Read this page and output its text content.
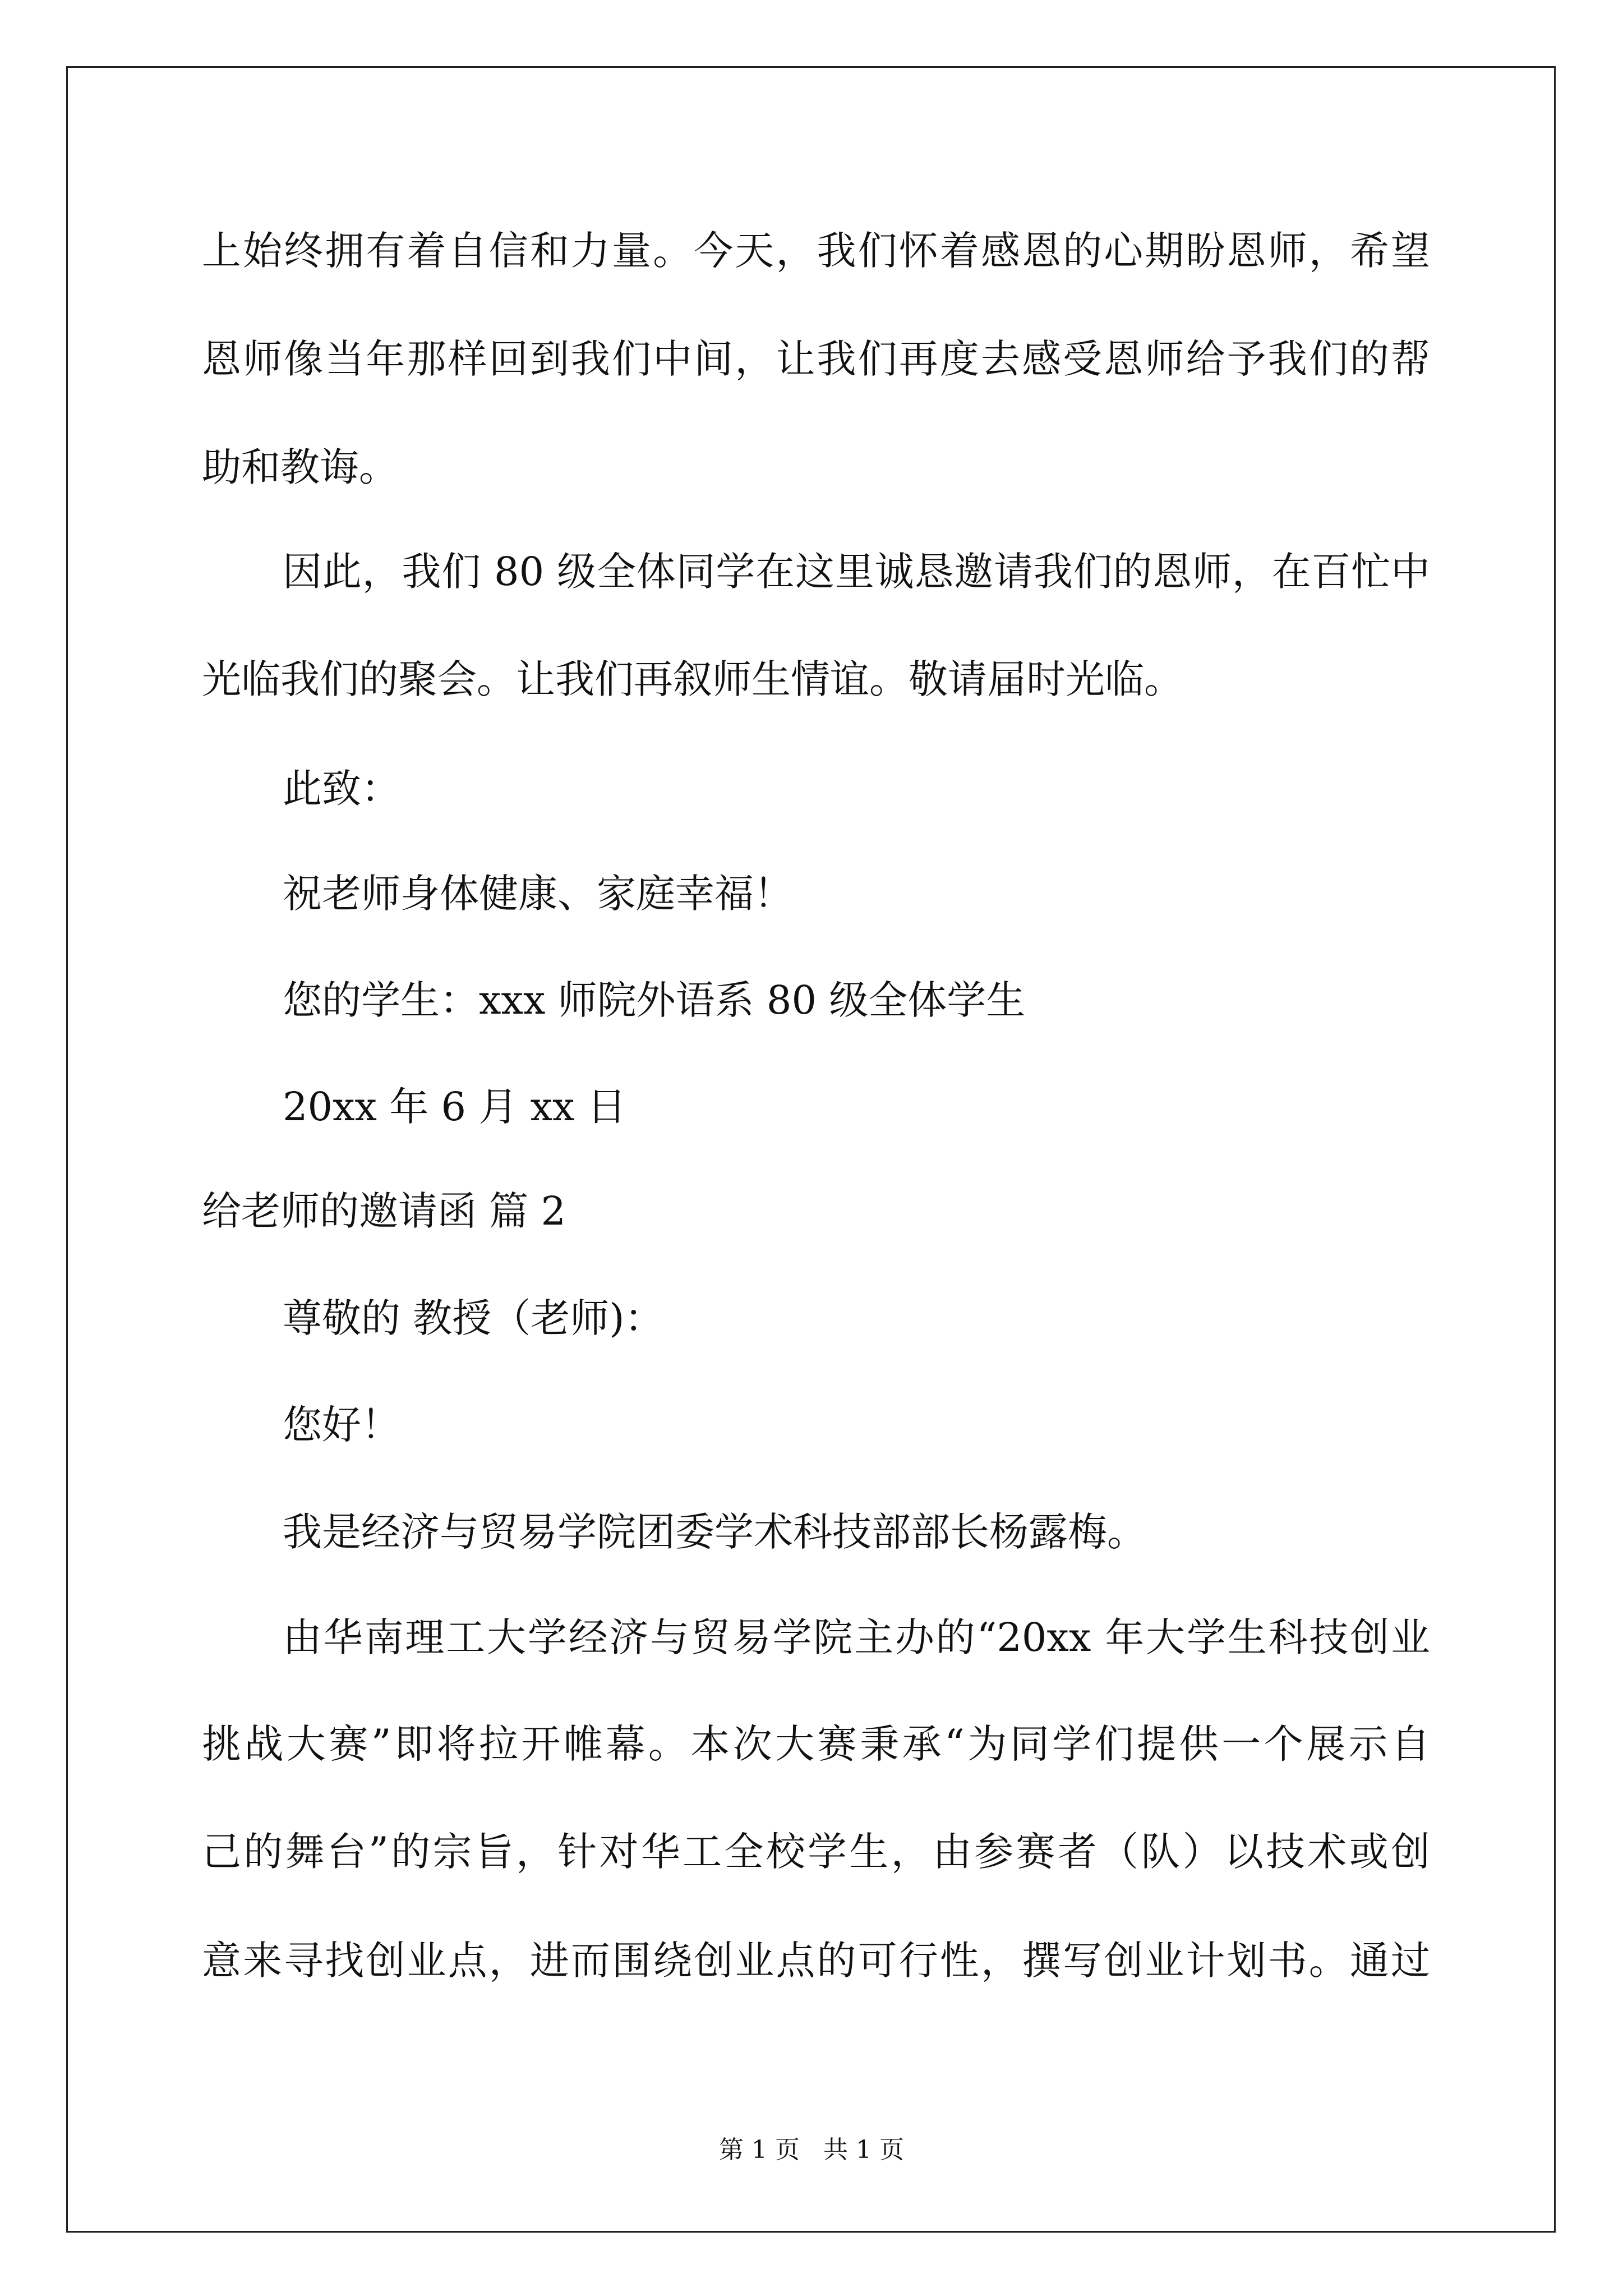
上始终拥有着自信和力量。今天，我们怀着感恩的心期盼恩师，希望
恩师像当年那样回到我们中间，让我们再度去感受恩师给予我们的帮
助和教诲。
因此，我们 80 级全体同学在这里诚恳邀请我们的恩师，在百忙中
光临我们的聚会。让我们再叙师生情谊。敬请届时光临。
此致：
祝老师身体健康、家庭幸福！
您的学生：xxx 师院外语系 80 级全体学生
20xx 年 6 月 xx 日
给老师的邀请函 篇 2
尊敬的 教授（老师)：
您好！
我是经济与贸易学院团委学术科技部部长杨露梅。
由华南理工大学经济与贸易学院主办的“20xx 年大学生科技创业
挑战大赛”即将拉开帷幕。本次大赛秉承“为同学们提供一个展示自
己的舞台”的宗旨，针对华工全校学生，由参赛者（队）以技术或创
意来寻找创业点，进而围绕创业点的可行性，撰写创业计划书。通过
第 1 页   共 1 页
